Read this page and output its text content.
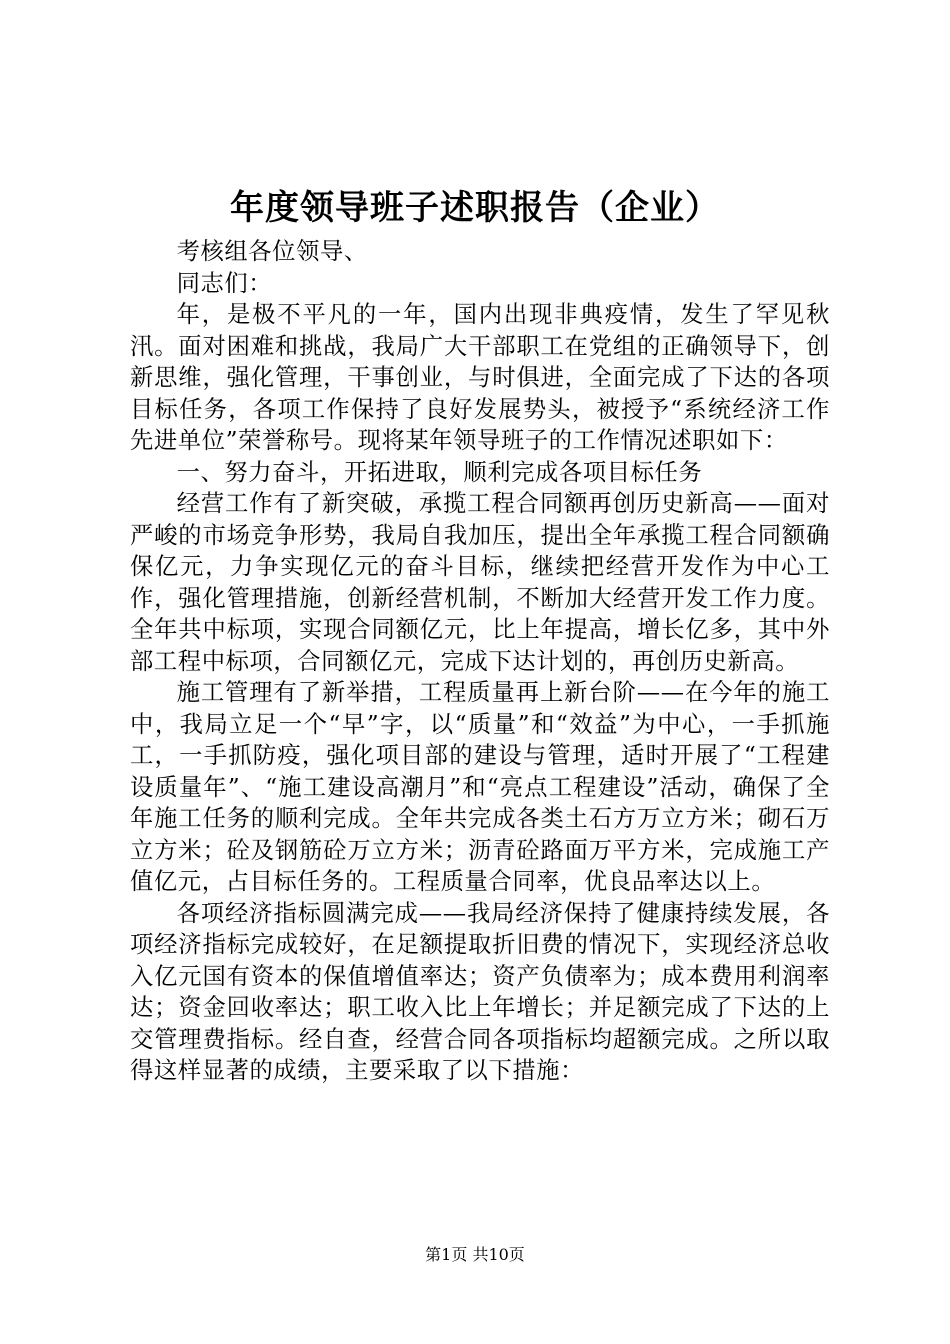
年度领导班子述职报告（企业）

考核组各位领导、

同志们：

年，是极不平凡的一年，国内出现非典疫情，发生了罕见秋汛。面对困难和挑战，我局广大干部职工在党组的正确领导下，创新思维，强化管理，干事创业，与时俱进，全面完成了下达的各项目标任务，各项工作保持了良好发展势头，被授予“系统经济工作先进单位”荣誉称号。现将某年领导班子的工作情况述职如下：

一、努力奋斗，开拓进取，顺利完成各项目标任务

经营工作有了新突破，承揽工程合同额再创历史新高——面对严峻的市场竞争形势，我局自我加压，提出全年承揽工程合同额确保亿元，力争实现亿元的奋斗目标，继续把经营开发作为中心工作，强化管理措施，创新经营机制，不断加大经营开发工作力度。全年共中标项，实现合同额亿元，比上年提高，增长亿多，其中外部工程中标项，合同额亿元，完成下达计划的，再创历史新高。

施工管理有了新举措，工程质量再上新台阶——在今年的施工中，我局立足一个“早”字，以“质量”和“效益”为中心，一手抓施工，一手抓防疫，强化项目部的建设与管理，适时开展了“工程建设质量年”、“施工建设高潮月”和“亮点工程建设”活动，确保了全年施工任务的顺利完成。全年共完成各类土石方万立方米；砌石万立方米；砼及钢筋砼万立方米；沥青砼路面万平方米，完成施工产值亿元，占目标任务的。工程质量合同率，优良品率达以上。

各项经济指标圆满完成——我局经济保持了健康持续发展，各项经济指标完成较好，在足额提取折旧费的情况下，实现经济总收入亿元国有资本的保值增值率达；资产负债率为；成本费用利润率达；资金回收率达；职工收入比上年增长；并足额完成了下达的上交管理费指标。经自查，经营合同各项指标均超额完成。之所以取得这样显著的成绩，主要采取了以下措施：

第1页 共10页
